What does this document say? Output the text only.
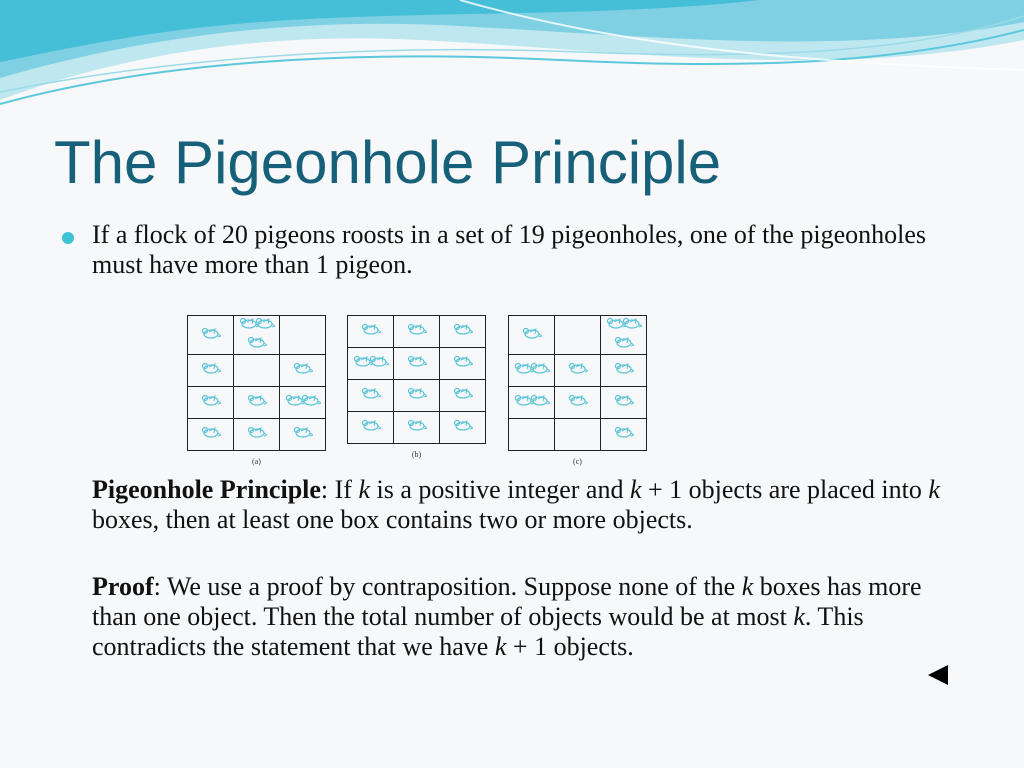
The Pigeonhole Principle
If a flock of 20 pigeons roosts in a set of 19 pigeonholes, one of the pigeonholes must have more than 1 pigeon.

(a)

(b)

(c)
Pigeonhole Principle: If k is a positive integer and k + 1 objects are placed into k boxes, then at least one box contains two or more objects.
Proof: We use a proof by contraposition. Suppose none of the k boxes has more than one object. Then the total number of objects would be at most k. This contradicts the statement that we have k + 1 objects.
